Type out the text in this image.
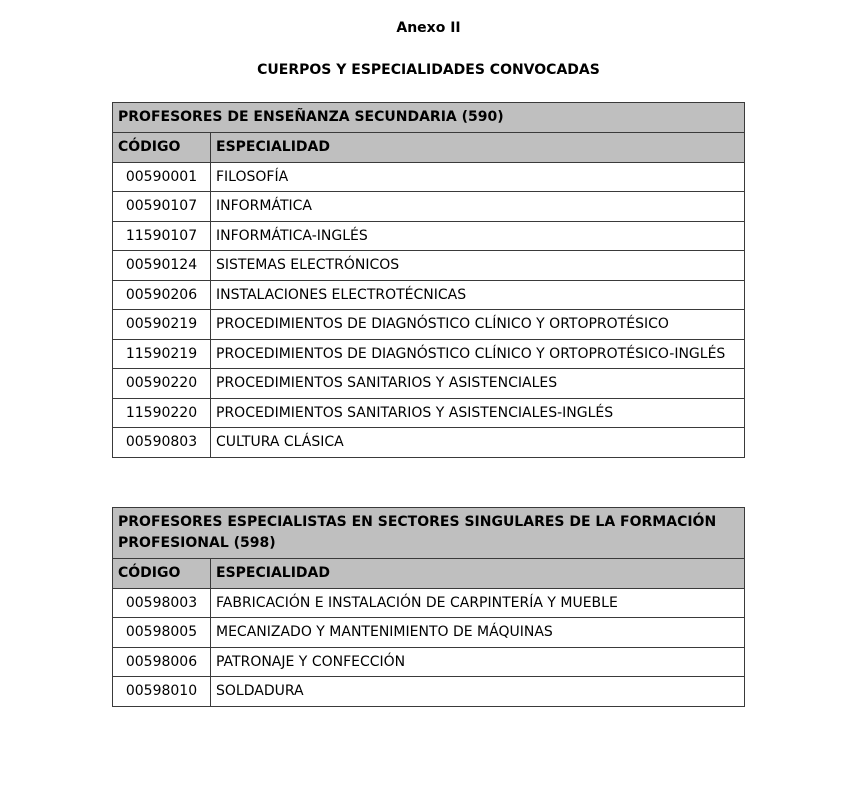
Anexo II
CUERPOS Y ESPECIALIDADES CONVOCADAS
PROFESORES DE ENSEÑANZA SECUNDARIA (590)	
CÓDIGO	ESPECIALIDAD
00590001	FILOSOFÍA
00590107	INFORMÁTICA
11590107	INFORMÁTICA-INGLÉS
00590124	SISTEMAS ELECTRÓNICOS
00590206	INSTALACIONES ELECTROTÉCNICAS
00590219	PROCEDIMIENTOS DE DIAGNÓSTICO CLÍNICO Y ORTOPROTÉSICO
11590219	PROCEDIMIENTOS DE DIAGNÓSTICO CLÍNICO Y ORTOPROTÉSICO-INGLÉS
00590220	PROCEDIMIENTOS SANITARIOS Y ASISTENCIALES
11590220	PROCEDIMIENTOS SANITARIOS Y ASISTENCIALES-INGLÉS
00590803	CULTURA CLÁSICA
PROFESORES ESPECIALISTAS EN SECTORES SINGULARES DE LA FORMACIÓN PROFESIONAL (598)	
CÓDIGO	ESPECIALIDAD
00598003	FABRICACIÓN E INSTALACIÓN DE CARPINTERÍA Y MUEBLE
00598005	MECANIZADO Y MANTENIMIENTO DE MÁQUINAS
00598006	PATRONAJE Y CONFECCIÓN
00598010	SOLDADURA
